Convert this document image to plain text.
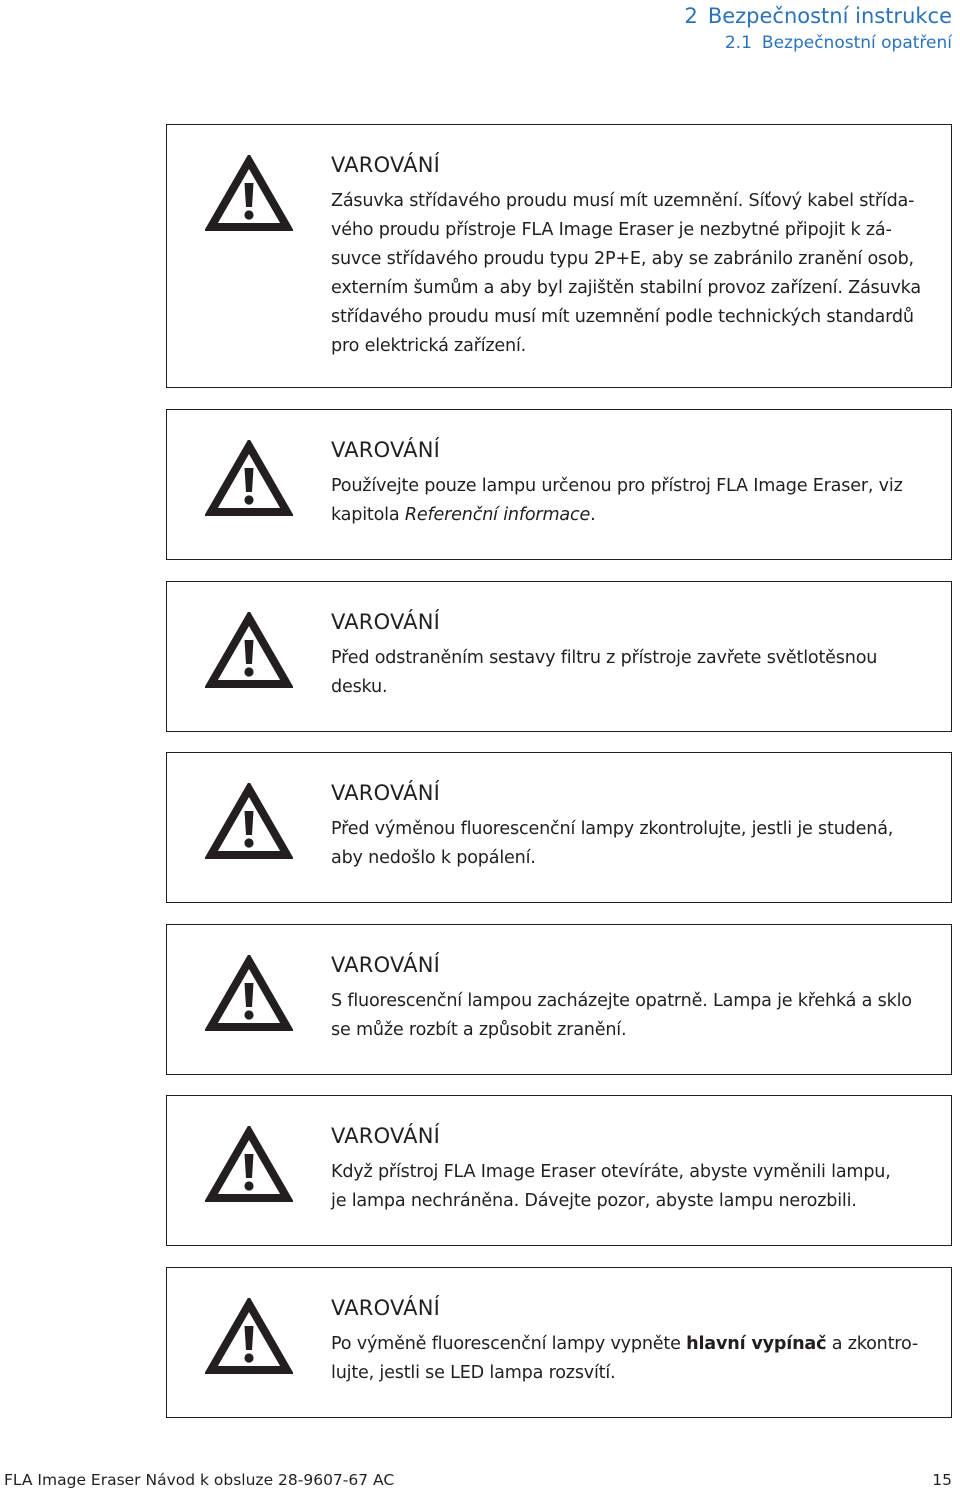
2 Bezpečnostní instrukce
2.1 Bezpečnostní opatření
VAROVÁNÍ

Zásuvka střídavého proudu musí mít uzemnění. Síťový kabel střída-
vého proudu přístroje FLA Image Eraser je nezbytné připojit k zá-
suvce střídavého proudu typu 2P+E, aby se zabránilo zranění osob,
externím šumům a aby byl zajištěn stabilní provoz zařízení. Zásuvka
střídavého proudu musí mít uzemnění podle technických standardů
pro elektrická zařízení.

VAROVÁNÍ

Používejte pouze lampu určenou pro přístroj FLA Image Eraser, viz
kapitola Referenční informace.

VAROVÁNÍ

Před odstraněním sestavy filtru z přístroje zavřete světlotěsnou
desku.

VAROVÁNÍ

Před výměnou fluorescenční lampy zkontrolujte, jestli je studená,
aby nedošlo k popálení.

VAROVÁNÍ

S fluorescenční lampou zacházejte opatrně. Lampa je křehká a sklo
se může rozbít a způsobit zranění.

VAROVÁNÍ

Když přístroj FLA Image Eraser otevíráte, abyste vyměnili lampu,
je lampa nechráněna. Dávejte pozor, abyste lampu nerozbili.

VAROVÁNÍ

Po výměně fluorescenční lampy vypněte hlavní vypínač a zkontro-
lujte, jestli se LED lampa rozsvítí.

FLA Image Eraser Návod k obsluze 28-9607-67 AC	15
